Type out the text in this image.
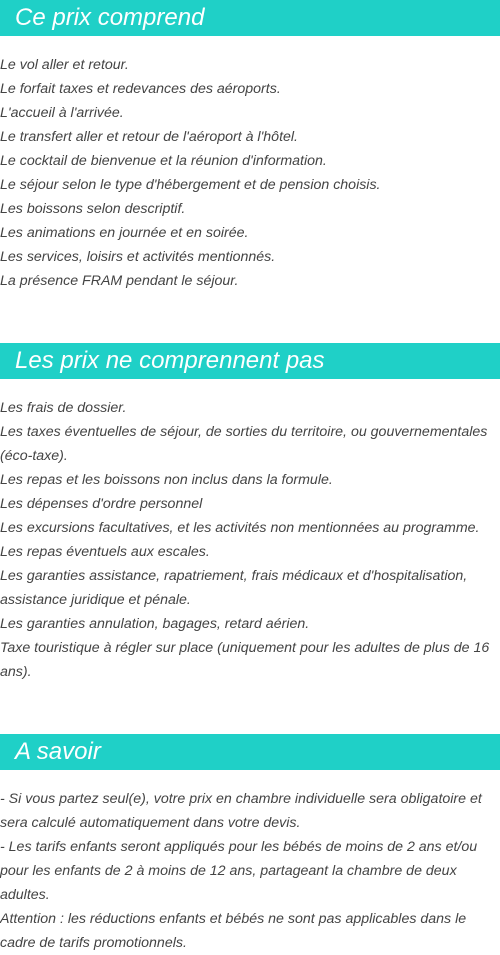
Ce prix comprend
Le vol aller et retour.
Le forfait taxes et redevances des aéroports.
L'accueil à l'arrivée.
Le transfert aller et retour de l'aéroport à l'hôtel.
Le cocktail de bienvenue et la réunion d'information.
Le séjour selon le type d'hébergement et de pension choisis.
Les boissons selon descriptif.
Les animations en journée et en soirée.
Les services, loisirs et activités mentionnés.
La présence FRAM pendant le séjour.
Les prix ne comprennent pas
Les frais de dossier.
Les taxes éventuelles de séjour, de sorties du territoire, ou gouvernementales (éco-taxe).
Les repas et les boissons non inclus dans la formule.
Les dépenses d'ordre personnel
Les excursions facultatives, et les activités non mentionnées au programme.
Les repas éventuels aux escales.
Les garanties assistance, rapatriement, frais médicaux et d'hospitalisation, assistance juridique et pénale.
Les garanties annulation, bagages, retard aérien.
Taxe touristique à régler sur place (uniquement pour les adultes de plus de 16 ans).
A savoir
- Si vous partez seul(e), votre prix en chambre individuelle sera obligatoire et sera calculé automatiquement dans votre devis.
- Les tarifs enfants seront appliqués pour les bébés de moins de 2 ans et/ou pour les enfants de 2 à moins de 12 ans, partageant la chambre de deux adultes.
Attention : les réductions enfants et bébés ne sont pas applicables dans le cadre de tarifs promotionnels.
